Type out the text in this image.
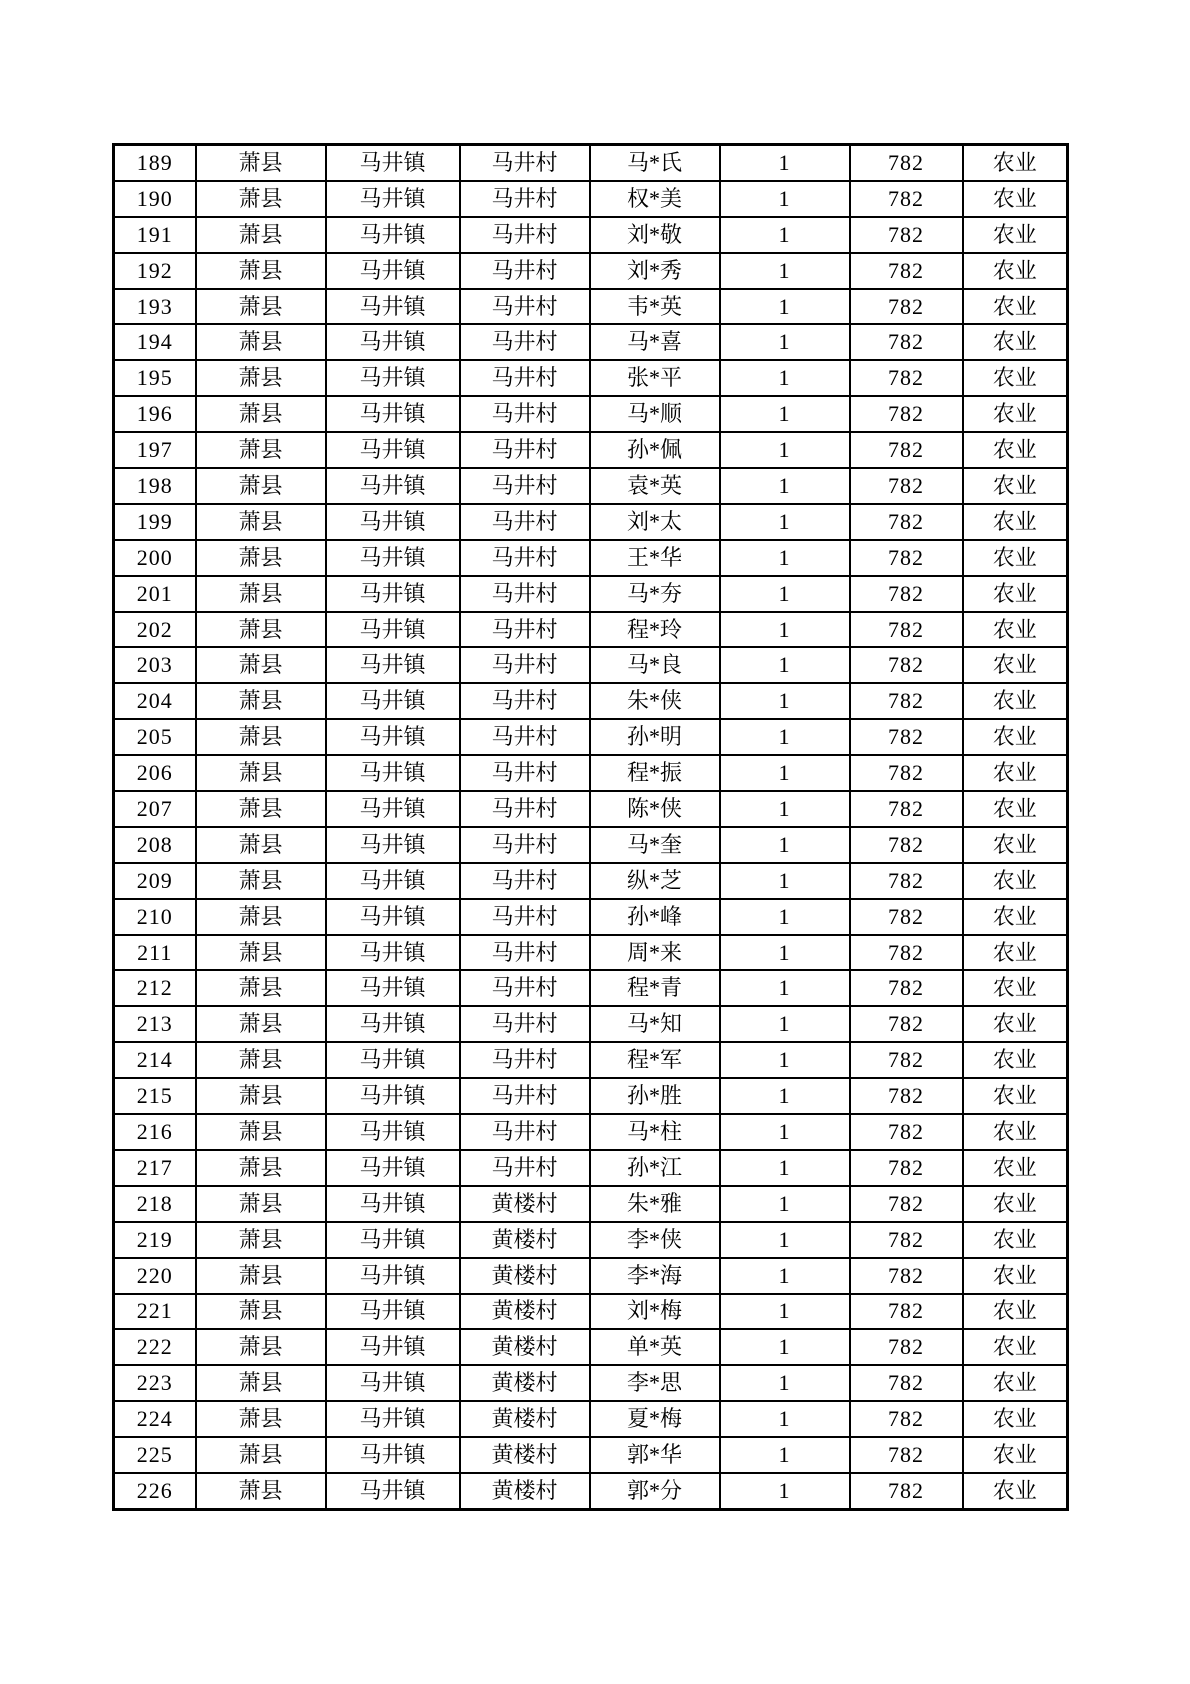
189	萧县	马井镇	马井村	马*氏	1	782	农业
190	萧县	马井镇	马井村	权*美	1	782	农业
191	萧县	马井镇	马井村	刘*敬	1	782	农业
192	萧县	马井镇	马井村	刘*秀	1	782	农业
193	萧县	马井镇	马井村	韦*英	1	782	农业
194	萧县	马井镇	马井村	马*喜	1	782	农业
195	萧县	马井镇	马井村	张*平	1	782	农业
196	萧县	马井镇	马井村	马*顺	1	782	农业
197	萧县	马井镇	马井村	孙*佩	1	782	农业
198	萧县	马井镇	马井村	袁*英	1	782	农业
199	萧县	马井镇	马井村	刘*太	1	782	农业
200	萧县	马井镇	马井村	王*华	1	782	农业
201	萧县	马井镇	马井村	马*夯	1	782	农业
202	萧县	马井镇	马井村	程*玲	1	782	农业
203	萧县	马井镇	马井村	马*良	1	782	农业
204	萧县	马井镇	马井村	朱*侠	1	782	农业
205	萧县	马井镇	马井村	孙*明	1	782	农业
206	萧县	马井镇	马井村	程*振	1	782	农业
207	萧县	马井镇	马井村	陈*侠	1	782	农业
208	萧县	马井镇	马井村	马*奎	1	782	农业
209	萧县	马井镇	马井村	纵*芝	1	782	农业
210	萧县	马井镇	马井村	孙*峰	1	782	农业
211	萧县	马井镇	马井村	周*来	1	782	农业
212	萧县	马井镇	马井村	程*青	1	782	农业
213	萧县	马井镇	马井村	马*知	1	782	农业
214	萧县	马井镇	马井村	程*军	1	782	农业
215	萧县	马井镇	马井村	孙*胜	1	782	农业
216	萧县	马井镇	马井村	马*柱	1	782	农业
217	萧县	马井镇	马井村	孙*江	1	782	农业
218	萧县	马井镇	黄楼村	朱*雅	1	782	农业
219	萧县	马井镇	黄楼村	李*侠	1	782	农业
220	萧县	马井镇	黄楼村	李*海	1	782	农业
221	萧县	马井镇	黄楼村	刘*梅	1	782	农业
222	萧县	马井镇	黄楼村	单*英	1	782	农业
223	萧县	马井镇	黄楼村	李*思	1	782	农业
224	萧县	马井镇	黄楼村	夏*梅	1	782	农业
225	萧县	马井镇	黄楼村	郭*华	1	782	农业
226	萧县	马井镇	黄楼村	郭*分	1	782	农业
